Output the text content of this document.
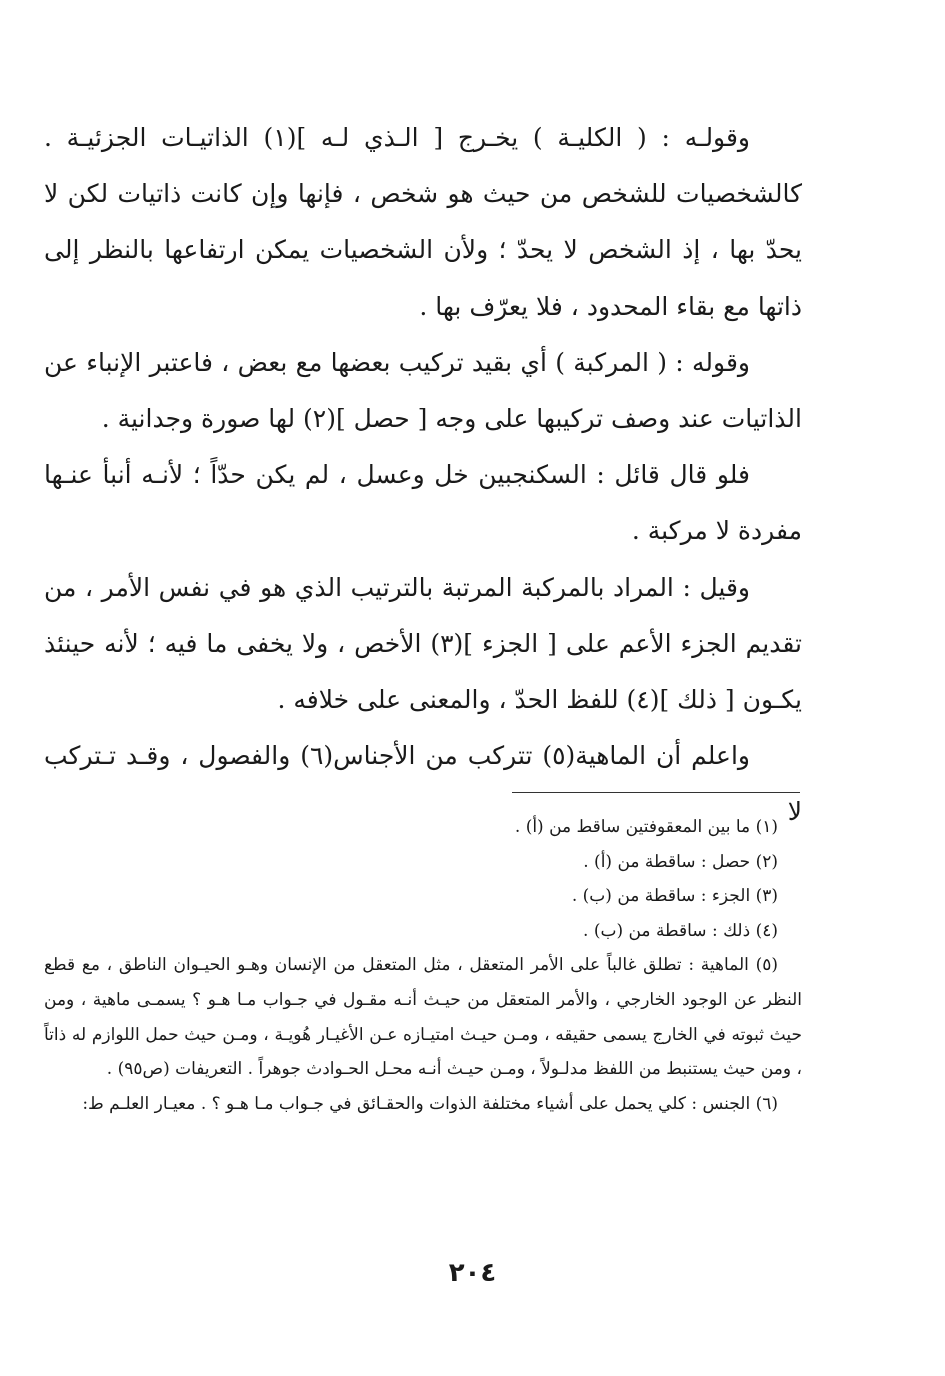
وقولـه : ( الكليـة ) يخـرج [ الـذي لـه ](١) الذاتيـات الجزئيـة . كالشخصيات للشخص من حيث هو شخص ، فإنها وإن كانت ذاتيات لكن لا يحدّ بها ، إذ الشخص لا يحدّ ؛ ولأن الشخصيات يمكن ارتفاعها بالنظر إلى ذاتها مع بقاء المحدود ، فلا يعرّف بها .

وقوله : ( المركبة ) أي بقيد تركيب بعضها مع بعض ، فاعتبر الإنباء عن الذاتيات عند وصف تركيبها على وجه [ حصل ](٢) لها صورة وجدانية .

فلو قال قائل : السكنجبين خل وعسل ، لم يكن حدّاً ؛ لأنـه أنبأ عنـها مفردة لا مركبة .

وقيل : المراد بالمركبة المرتبة بالترتيب الذي هو في نفس الأمر ، من تقديم الجزء الأعم على [ الجزء ](٣) الأخص ، ولا يخفى ما فيه ؛ لأنه حينئذ يكـون [ ذلك ](٤) للفظ الحدّ ، والمعنى على خلافه .

واعلم أن الماهية(٥) تتركب من الأجناس(٦) والفصول ، وقـد تـتركب لا

(١) ما بين المعقوفتين ساقط من (أ) .

(٢) حصل : ساقطة من (أ) .

(٣) الجزء : ساقطة من (ب) .

(٤) ذلك : ساقطة من (ب) .

(٥) الماهية : تطلق غالباً على الأمر المتعقل ، مثل المتعقل من الإنسان وهـو الحيـوان الناطق ، مع قطع النظر عن الوجود الخارجي ، والأمر المتعقل من حيـث أنـه مقـول في جـواب مـا هـو ؟ يسمـى ماهية ، ومن حيث ثبوته في الخارج يسمى حقيقه ، ومـن حيـث امتيـازه عـن الأغيـار هُويـة ، ومـن حيث حمل اللوازم له ذاتاً ، ومن حيث يستنبط من اللفظ مدلـولاً ، ومـن حيـث أنـه محـل الحـوادث جوهراً . التعريفات (ص٩٥) .

(٦) الجنس : كلي يحمل على أشياء مختلفة الذوات والحقـائق في جـواب مـا هـو ؟ . معيـار العلـم ط:

٢٠٤
